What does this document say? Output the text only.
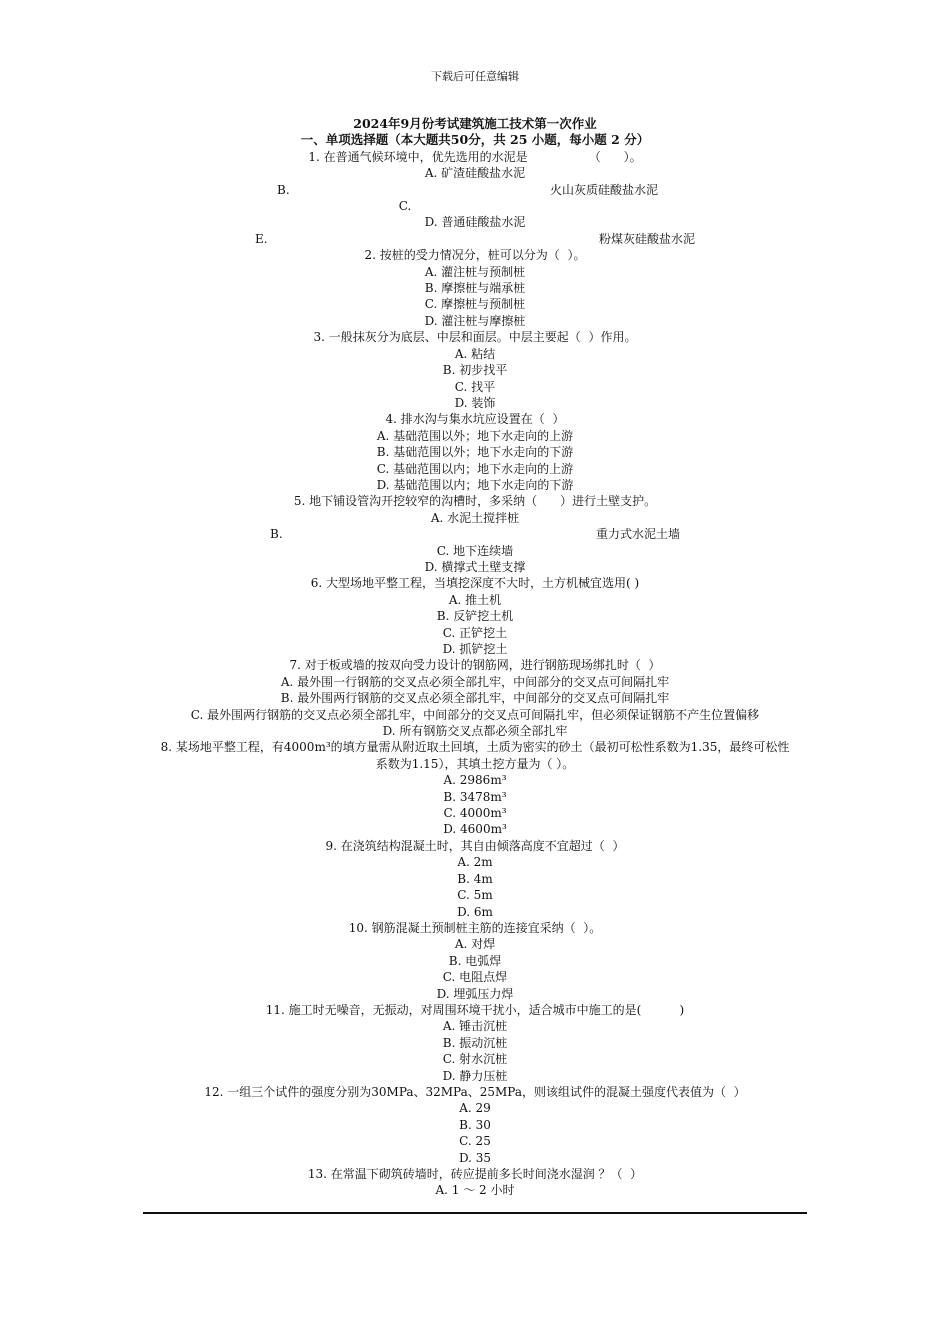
下载后可任意编辑
2024年9月份考试建筑施工技术第一次作业
一、单项选择题（本大题共50分，共 25 小题，每小题 2 分）
1. 在普通气候环境中，优先选用的水泥是                （      ）。
A. 矿渣硅酸盐水泥
B.	火山灰质硅酸盐水泥
C.
D. 普通硅酸盐水泥
E.	粉煤灰硅酸盐水泥
2. 按桩的受力情况分，桩可以分为（  ）。
A. 灌注桩与预制桩
B. 摩擦桩与端承桩
C. 摩擦桩与预制桩
D. 灌注桩与摩擦桩
3. 一般抹灰分为底层、中层和面层。中层主要起（  ）作用。
A. 粘结
B. 初步找平
C. 找平
D. 装饰
4. 排水沟与集水坑应设置在（  ）
A. 基础范围以外；地下水走向的上游
B. 基础范围以外；地下水走向的下游
C. 基础范围以内；地下水走向的上游
D. 基础范围以内；地下水走向的下游
5. 地下铺设管沟开挖较窄的沟槽时，多采纳（      ）进行土壁支护。
A. 水泥土搅拌桩
B.	重力式水泥土墙
C. 地下连续墙
D. 横撑式土壁支撑
6. 大型场地平整工程，当填挖深度不大时，土方机械宜选用( )
A. 推土机
B. 反铲挖土机
C. 正铲挖土
D. 抓铲挖土
7. 对于板或墙的按双向受力设计的钢筋网，进行钢筋现场绑扎时（  ）
A. 最外围一行钢筋的交叉点必须全部扎牢，中间部分的交叉点可间隔扎牢
B. 最外围两行钢筋的交叉点必须全部扎牢，中间部分的交叉点可间隔扎牢
C. 最外围两行钢筋的交叉点必须全部扎牢，中间部分的交叉点可间隔扎牢，但必须保证钢筋不产生位置偏移
D. 所有钢筋交叉点都必须全部扎牢
8. 某场地平整工程，有4000m³的填方量需从附近取土回填，土质为密实的砂土（最初可松性系数为1.35，最终可松性系数为1.15），其填土挖方量为（ ）。
A. 2986m³
B. 3478m³
C. 4000m³
D. 4600m³
9. 在浇筑结构混凝土时，其自由倾落高度不宜超过（  ）
A. 2m
B. 4m
C. 5m
D. 6m
10. 钢筋混凝土预制桩主筋的连接宜采纳（  ）。
A. 对焊
B. 电弧焊
C. 电阻点焊
D. 埋弧压力焊
11. 施工时无噪音，无振动，对周围环境干扰小，适合城市中施工的是(          )
A. 锤击沉桩
B. 振动沉桩
C. 射水沉桩
D. 静力压桩
12. 一组三个试件的强度分别为30MPa、32MPa、25MPa，则该组试件的混凝土强度代表值为（  ）
A. 29
B. 30
C. 25
D. 35
13. 在常温下砌筑砖墙时，砖应提前多长时间浇水湿润 ？（  ）
A. 1 ～ 2 小时
